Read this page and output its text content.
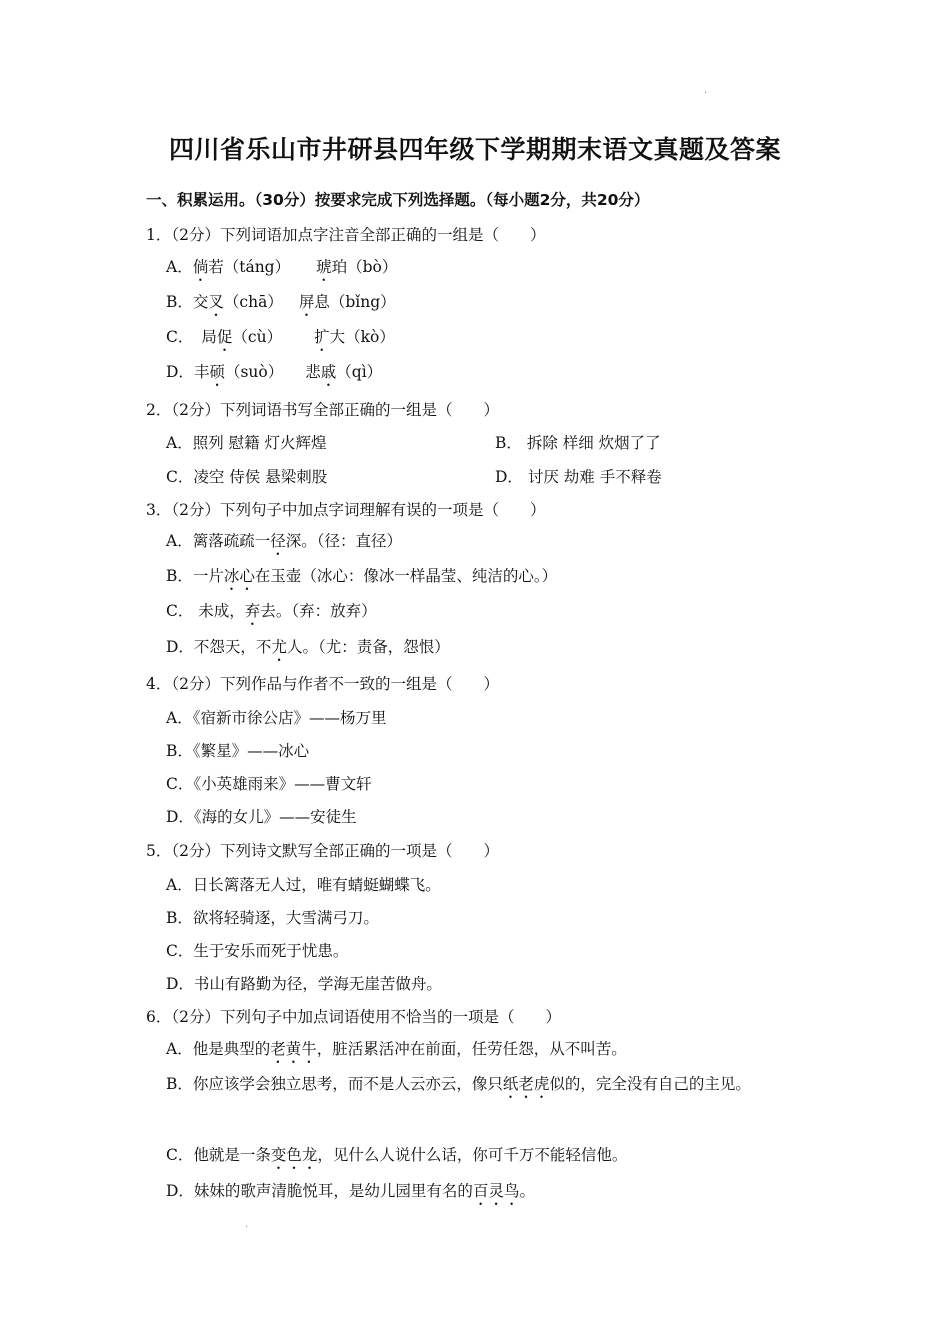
·
四川省乐山市井研县四年级下学期期末语文真题及答案
一、积累运用。（30分）按要求完成下列选择题。（每小题2分，共20分）
1．（2分）下列词语加点字注音全部正确的一组是（　　）
A．倘若（táng） 琥珀（bò）
B．交叉（chā） 屏息（bǐng）
C． 局促（cù） 扩大（kò）
D．丰硕（suò） 悲戚（qì）
2．（2分）下列词语书写全部正确的一组是（　　）
A．照列 慰籍 灯火辉煌	B． 拆除 样细 炊烟了了
C．凌空 侍侯 悬梁刺股	D． 讨厌 劫难 手不释卷
3．（2分）下列句子中加点字词理解有误的一项是（　　）
A．篱落疏疏一径深。（径：直径）
B．一片冰心在玉壶（冰心：像冰一样晶莹、纯洁的心。）
C． 未成，弃去。（弃：放弃）
D．不怨天，不尤人。（尤：责备，怨恨）
4．（2分）下列作品与作者不一致的一组是（　　）
A．《宿新市徐公店》——杨万里
B．《繁星》——冰心
C．《小英雄雨来》——曹文轩
D．《海的女儿》——安徒生
5．（2分）下列诗文默写全部正确的一项是（　　）
A．日长篱落无人过，唯有蜻蜓蝴蝶飞。
B．欲将轻骑逐，大雪满弓刀。
C．生于安乐而死于忧患。
D．书山有路勤为径，学海无崖苦做舟。
6．（2分）下列句子中加点词语使用不恰当的一项是（　　）
A．他是典型的老黄牛，脏活累活冲在前面，任劳任怨，从不叫苦。
B．你应该学会独立思考，而不是人云亦云，像只纸老虎似的，完全没有自己的主见。
C．他就是一条变色龙，见什么人说什么话，你可千万不能轻信他。
D．妹妹的歌声清脆悦耳，是幼儿园里有名的百灵鸟。
·
